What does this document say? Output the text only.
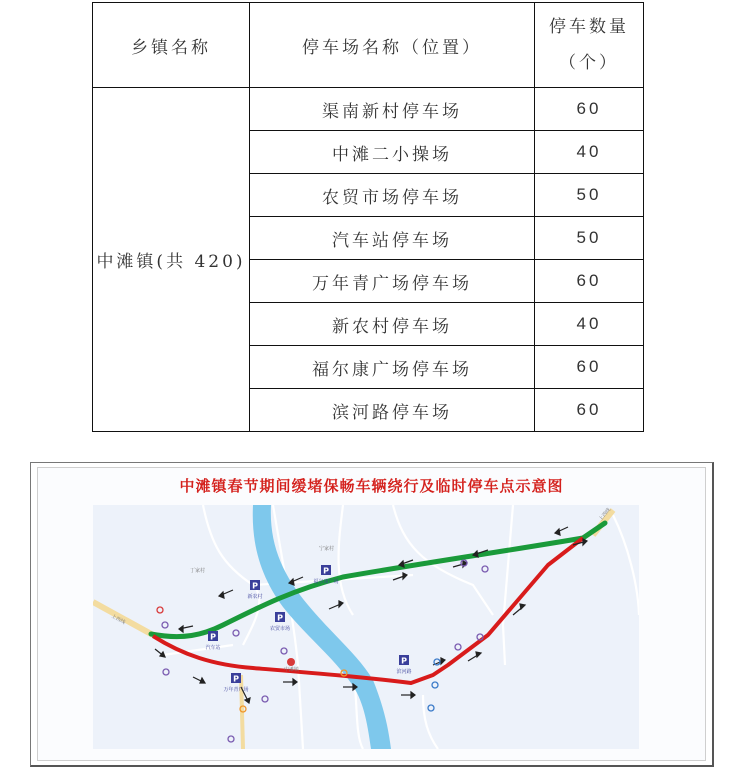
乡镇名称	停车场名称（位置）	停车数量
（个）

中滩镇(共 420)	渠南新村停车场	60
	中滩二小操场	40
	农贸市场停车场	50
	汽车站停车场	50
	万年青广场停车场	60
	新农村停车场	40
	福尔康广场停车场	60
	滨河路停车场	60
中滩镇春节期间缓堵保畅车辆绕行及临时停车点示意图
P
新农村
P
福尔康广场
P
农贸市场
P
汽车站
P
万年青广场
P
滨河路
丁家村
宁家村
中滩镇
上西线
上西线
